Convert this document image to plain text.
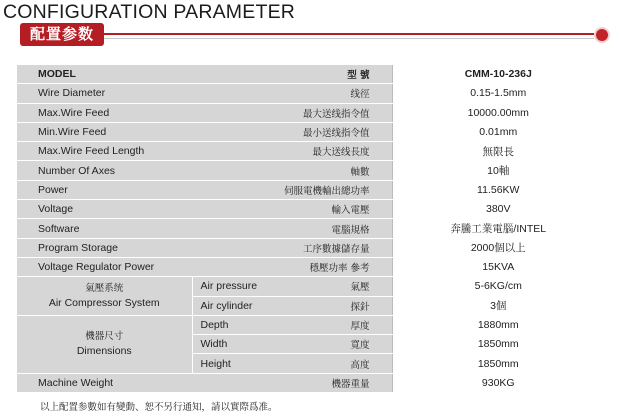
CONFIGURATION PARAMETER
配置参数
MODEL		型 號	CMM-10-236J
Wire Diameter		线徑	0.15-1.5mm
Max.Wire Feed		最大送线指令值	10000.00mm
Min.Wire Feed		最小送线指令值	0.01mm
Max.Wire Feed Length		最大送线長度	無限長
Number Of Axes		軸數	10軸
Power		伺服電機輸出總功率	11.56KW
Voltage		輸入電壓	380V
Software		電腦規格	奔騰工業電腦/INTEL
Program Storage		工序數據儲存量	2000個以上
Voltage Regulator Power		穩壓功率 參考	15KVA

氣壓系统
Air Compressor System	Air pressure	氣壓	5-6KG/cm
	Air cylinder	探針	3個

機器尺寸
Dimensions	Depth	厚度	1880mm
	Width	寬度	1850mm
	Height	高度	1850mm
Machine Weight		機器重量	930KG
以上配置参數如有變動、恕不另行通知，請以實際爲准。
